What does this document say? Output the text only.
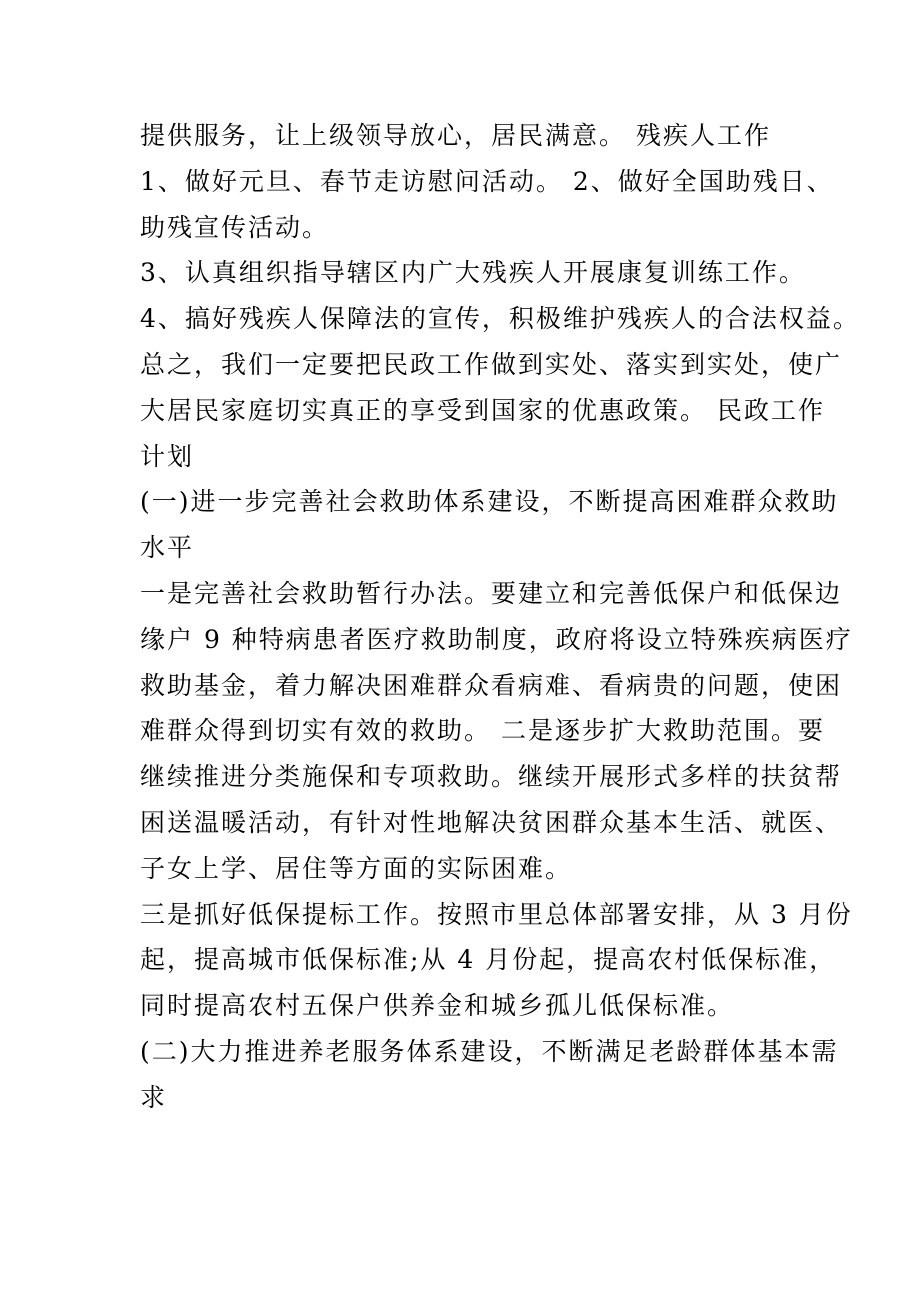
提供服务，让上级领导放心，居民满意。 残疾人工作
1、做好元旦、春节走访慰问活动。 2、做好全国助残日、
助残宣传活动。
3、认真组织指导辖区内广大残疾人开展康复训练工作。
4、搞好残疾人保障法的宣传，积极维护残疾人的合法权益。
总之，我们一定要把民政工作做到实处、落实到实处，使广
大居民家庭切实真正的享受到国家的优惠政策。 民政工作
计划
(一)进一步完善社会救助体系建设，不断提高困难群众救助
水平
一是完善社会救助暂行办法。要建立和完善低保户和低保边
缘户 9 种特病患者医疗救助制度，政府将设立特殊疾病医疗
救助基金，着力解决困难群众看病难、看病贵的问题，使困
难群众得到切实有效的救助。 二是逐步扩大救助范围。要
继续推进分类施保和专项救助。继续开展形式多样的扶贫帮
困送温暖活动，有针对性地解决贫困群众基本生活、就医、
子女上学、居住等方面的实际困难。
三是抓好低保提标工作。按照市里总体部署安排，从 3 月份
起，提高城市低保标准;从 4 月份起，提高农村低保标准，
同时提高农村五保户供养金和城乡孤儿低保标准。
(二)大力推进养老服务体系建设，不断满足老龄群体基本需
求
